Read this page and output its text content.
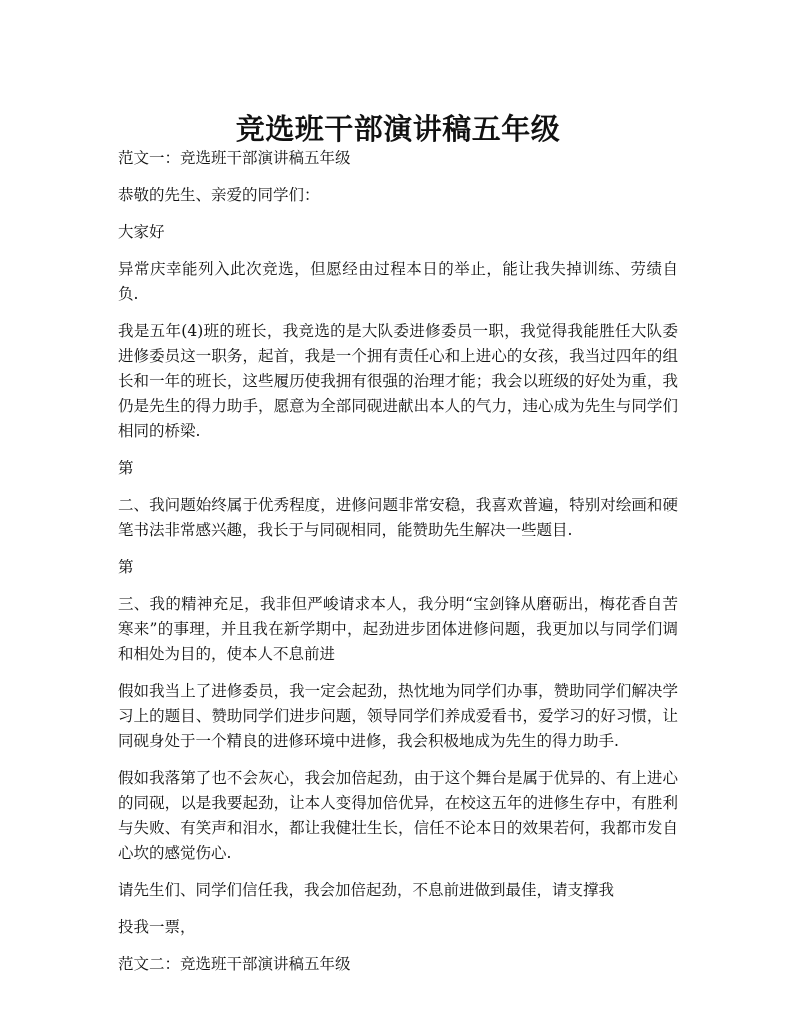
竞选班干部演讲稿五年级

范文一：竞选班干部演讲稿五年级

恭敬的先生、亲爱的同学们：

大家好

异常庆幸能列入此次竞选，但愿经由过程本日的举止，能让我失掉训练、劳绩自负.

我是五年(4)班的班长，我竞选的是大队委进修委员一职，我觉得我能胜任大队委进修委员这一职务，起首，我是一个拥有责任心和上进心的女孩，我当过四年的组长和一年的班长，这些履历使我拥有很强的治理才能；我会以班级的好处为重，我仍是先生的得力助手，愿意为全部同砚进献出本人的气力，违心成为先生与同学们相同的桥梁.

第

二、我问题始终属于优秀程度，进修问题非常安稳，我喜欢普遍，特别对绘画和硬笔书法非常感兴趣，我长于与同砚相同，能赞助先生解决一些题目.

第

三、我的精神充足，我非但严峻请求本人，我分明“宝剑锋从磨砺出，梅花香自苦寒来”的事理，并且我在新学期中，起劲进步团体进修问题，我更加以与同学们调和相处为目的，使本人不息前进

假如我当上了进修委员，我一定会起劲，热忱地为同学们办事，赞助同学们解决学习上的题目、赞助同学们进步问题，领导同学们养成爱看书，爱学习的好习惯，让同砚身处于一个精良的进修环境中进修，我会积极地成为先生的得力助手.

假如我落第了也不会灰心，我会加倍起劲，由于这个舞台是属于优异的、有上进心的同砚，以是我要起劲，让本人变得加倍优异，在校这五年的进修生存中，有胜利与失败、有笑声和泪水，都让我健壮生长，信任不论本日的效果若何，我都市发自心坎的感觉伤心.

请先生们、同学们信任我，我会加倍起劲，不息前进做到最佳，请支撑我

投我一票，

范文二：竞选班干部演讲稿五年级
